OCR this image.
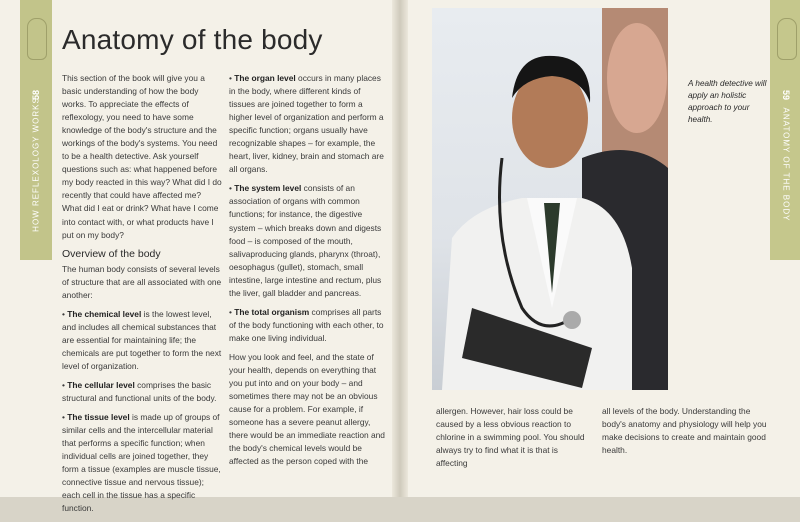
58
HOW REFLEXOLOGY WORKS
Anatomy of the body

This section of the book will give you a basic understanding of how the body works. To appreciate the effects of reflexology, you need to have some knowledge of the body's structure and the workings of the body's systems. You need to be a health detective. Ask yourself questions such as: what happened before my body reacted in this way? What did I do recently that could have affected me? What did I eat or drink? What have I come into contact with, or what products have I put on my body?

Overview of the body

The human body consists of several levels of structure that are all associated with one another:

• The chemical level is the lowest level, and includes all chemical substances that are essential for maintaining life; the chemicals are put together to form the next level of organization.

• The cellular level comprises the basic structural and functional units of the body.

• The tissue level is made up of groups of similar cells and the intercellular material that performs a specific function; when individual cells are joined together, they form a tissue (examples are muscle tissue, connective tissue and nervous tissue); each cell in the tissue has a specific function.

• The organ level occurs in many places in the body, where different kinds of tissues are joined together to form a higher level of organization and perform a specific function; organs usually have recognizable shapes – for example, the heart, liver, kidney, brain and stomach are all organs.

• The system level consists of an association of organs with common functions; for instance, the digestive system – which breaks down and digests food – is composed of the mouth, salivaproducing glands, pharynx (throat), oesophagus (gullet), stomach, small intestine, large intestine and rectum, plus the liver, gall bladder and pancreas.

• The total organism comprises all parts of the body functioning with each other, to make one living individual.

How you look and feel, and the state of your health, depends on everything that you put into and on your body – and sometimes there may not be an obvious cause for a problem. For example, if someone has a severe peanut allergy, there would be an immediate reaction and the body's chemical levels would be affected as the person coped with the

A health detective will apply an holistic approach to your health.

allergen. However, hair loss could be caused by a less obvious reaction to chlorine in a swimming pool. You should always try to find what it is that is affecting

all levels of the body. Understanding the body's anatomy and physiology will help you make decisions to create and maintain good health.

59
ANATOMY OF THE BODY
